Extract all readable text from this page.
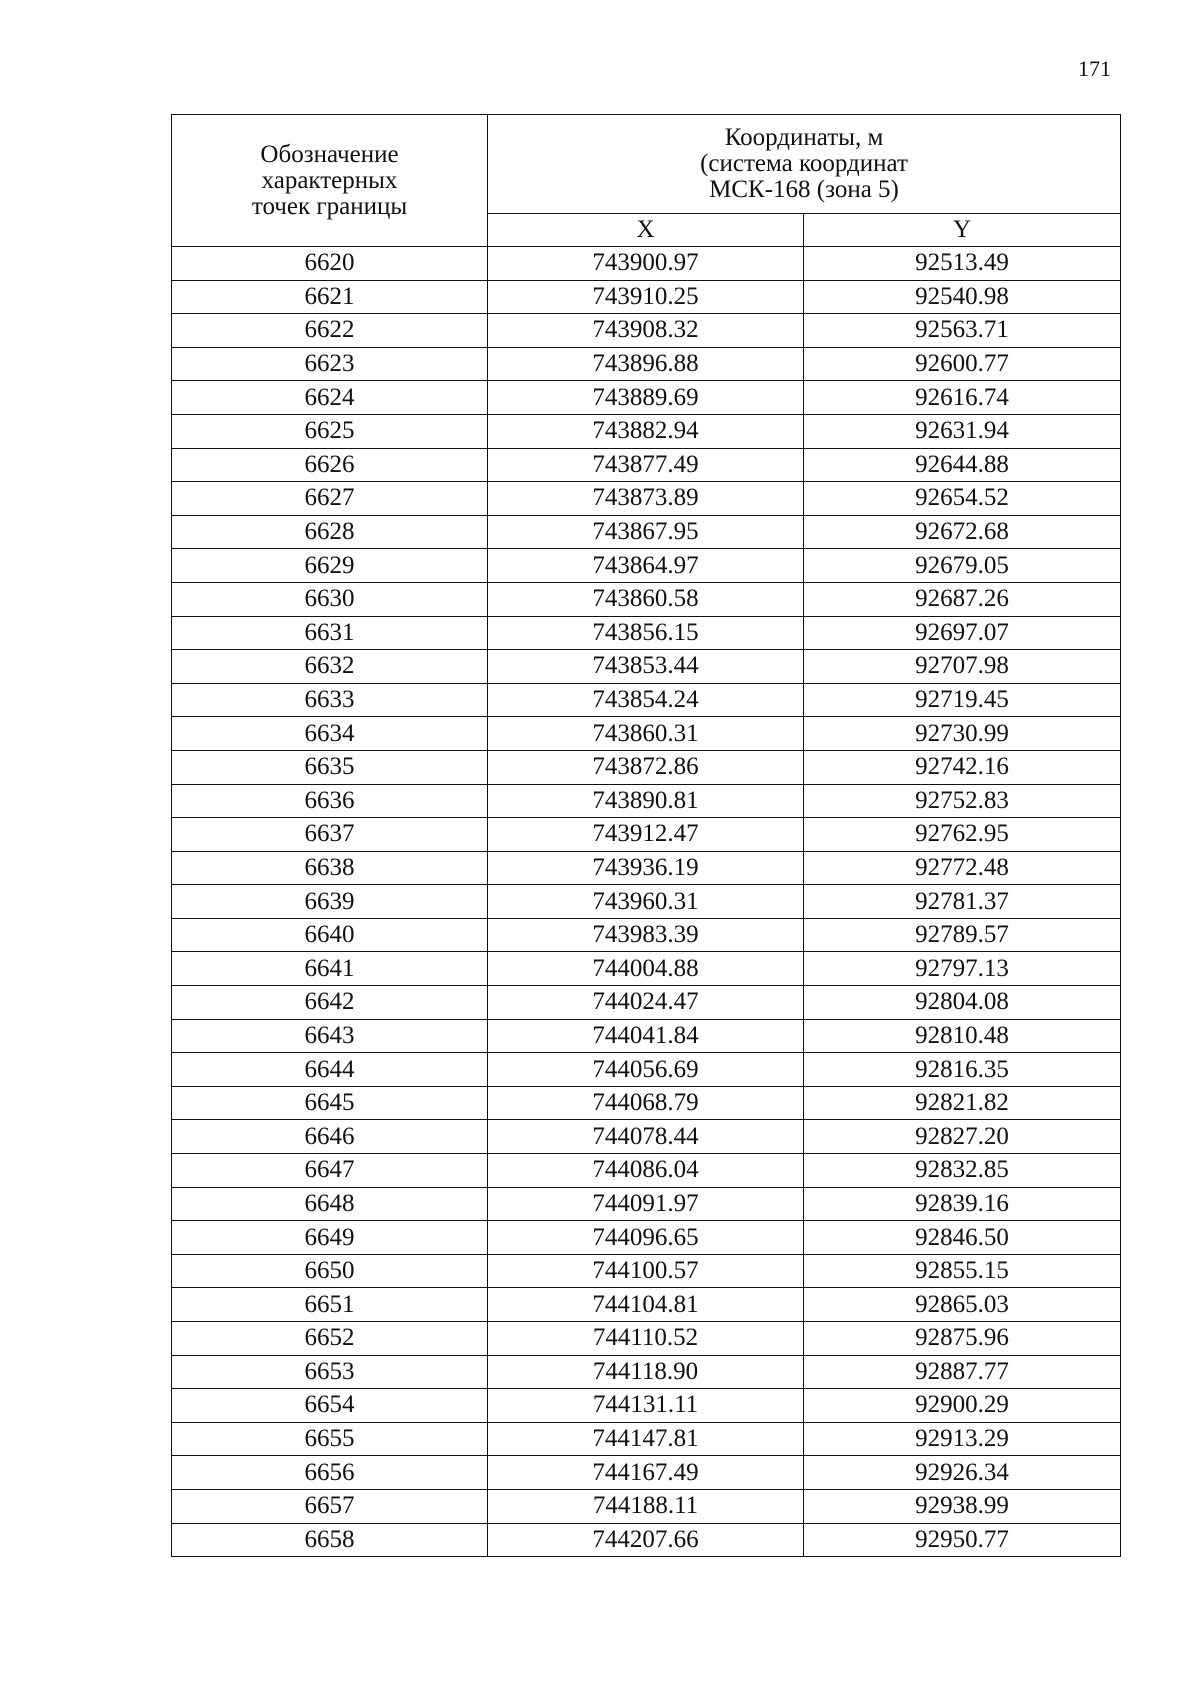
171
Обозначение
характерных
точек границы	Координаты, м
(система координат
МСК-168 (зона 5)	

	X	Y
6620	743900.97	92513.49
6621	743910.25	92540.98
6622	743908.32	92563.71
6623	743896.88	92600.77
6624	743889.69	92616.74
6625	743882.94	92631.94
6626	743877.49	92644.88
6627	743873.89	92654.52
6628	743867.95	92672.68
6629	743864.97	92679.05
6630	743860.58	92687.26
6631	743856.15	92697.07
6632	743853.44	92707.98
6633	743854.24	92719.45
6634	743860.31	92730.99
6635	743872.86	92742.16
6636	743890.81	92752.83
6637	743912.47	92762.95
6638	743936.19	92772.48
6639	743960.31	92781.37
6640	743983.39	92789.57
6641	744004.88	92797.13
6642	744024.47	92804.08
6643	744041.84	92810.48
6644	744056.69	92816.35
6645	744068.79	92821.82
6646	744078.44	92827.20
6647	744086.04	92832.85
6648	744091.97	92839.16
6649	744096.65	92846.50
6650	744100.57	92855.15
6651	744104.81	92865.03
6652	744110.52	92875.96
6653	744118.90	92887.77
6654	744131.11	92900.29
6655	744147.81	92913.29
6656	744167.49	92926.34
6657	744188.11	92938.99
6658	744207.66	92950.77
